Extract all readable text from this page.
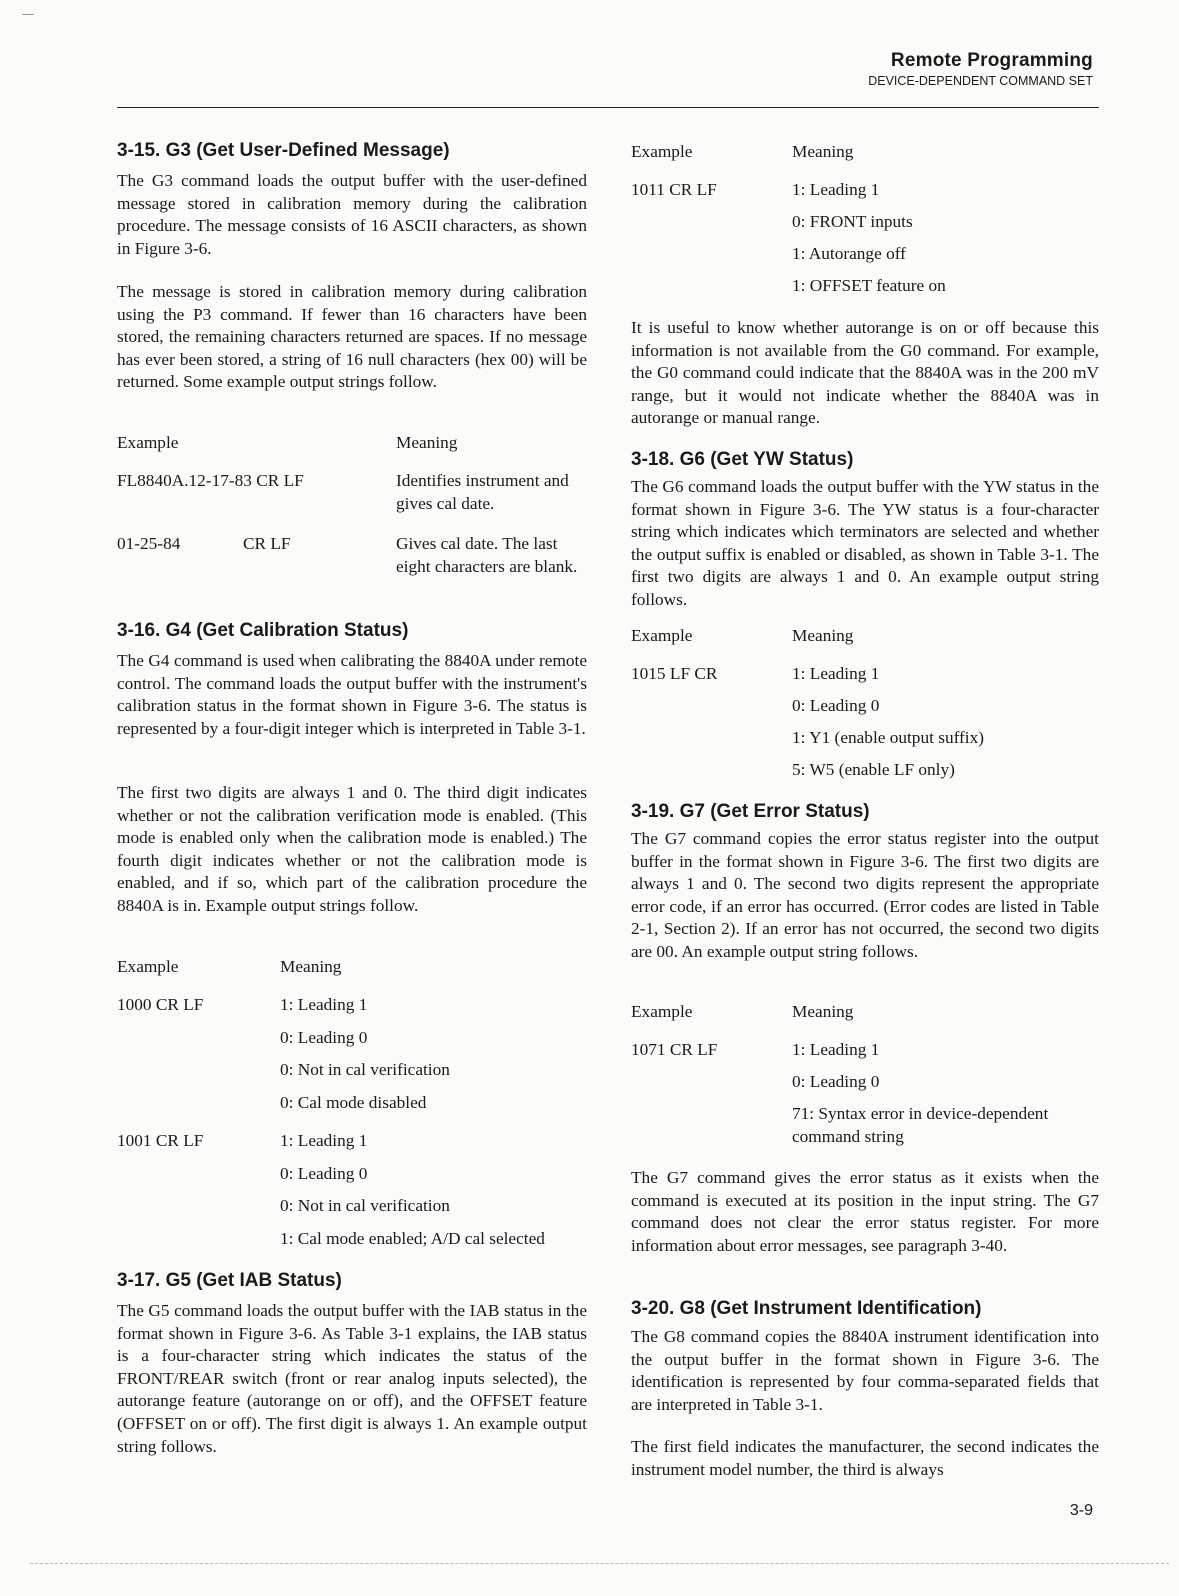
Remote Programming
DEVICE-DEPENDENT COMMAND SET
3-15. G3 (Get User-Defined Message)

The G3 command loads the output buffer with the user-defined message stored in calibration memory during the calibration procedure. The message consists of 16 ASCII characters, as shown in Figure 3-6.

The message is stored in calibration memory during calibration using the P3 command. If fewer than 16 characters have been stored, the remaining characters returned are spaces. If no message has ever been stored, a string of 16 null characters (hex 00) will be returned. Some example output strings follow.

Example	Meaning
FL8840A.12-17-83 CR LF	Identifies instrument and gives cal date.
01-25-84	CR LF	Gives cal date. The last eight characters are blank.
3-16. G4 (Get Calibration Status)

The G4 command is used when calibrating the 8840A under remote control. The command loads the output buffer with the instrument's calibration status in the format shown in Figure 3-6. The status is represented by a four-digit integer which is interpreted in Table 3-1.

The first two digits are always 1 and 0. The third digit indicates whether or not the calibration verification mode is enabled. (This mode is enabled only when the calibration mode is enabled.) The fourth digit indicates whether or not the calibration mode is enabled, and if so, which part of the calibration procedure the 8840A is in. Example output strings follow.

Example	Meaning
1000 CR LF	1: Leading 1
0: Leading 0
0: Not in cal verification
0: Cal mode disabled
1001 CR LF	1: Leading 1
0: Leading 0
0: Not in cal verification
1: Cal mode enabled; A/D cal selected
3-17. G5 (Get IAB Status)

The G5 command loads the output buffer with the IAB status in the format shown in Figure 3-6. As Table 3-1 explains, the IAB status is a four-character string which indicates the status of the FRONT/REAR switch (front or rear analog inputs selected), the autorange feature (autorange on or off), and the OFFSET feature (OFFSET on or off). The first digit is always 1. An example output string follows.

Example	Meaning
1011 CR LF	1: Leading 1
0: FRONT inputs
1: Autorange off
1: OFFSET feature on

It is useful to know whether autorange is on or off because this information is not available from the G0 command. For example, the G0 command could indicate that the 8840A was in the 200 mV range, but it would not indicate whether the 8840A was in autorange or manual range.

3-18. G6 (Get YW Status)

The G6 command loads the output buffer with the YW status in the format shown in Figure 3-6. The YW status is a four-character string which indicates which terminators are selected and whether the output suffix is enabled or disabled, as shown in Table 3-1. The first two digits are always 1 and 0. An example output string follows.

Example	Meaning
1015 LF CR	1: Leading 1
0: Leading 0
1: Y1 (enable output suffix)
5: W5 (enable LF only)
3-19. G7 (Get Error Status)

The G7 command copies the error status register into the output buffer in the format shown in Figure 3-6. The first two digits are always 1 and 0. The second two digits represent the appropriate error code, if an error has occurred. (Error codes are listed in Table 2-1, Section 2). If an error has not occurred, the second two digits are 00. An example output string follows.

Example	Meaning
1071 CR LF	1: Leading 1
0: Leading 0
71: Syntax error in device-dependent command string

The G7 command gives the error status as it exists when the command is executed at its position in the input string. The G7 command does not clear the error status register. For more information about error messages, see paragraph 3-40.

3-20. G8 (Get Instrument Identification)

The G8 command copies the 8840A instrument identification into the output buffer in the format shown in Figure 3-6. The identification is represented by four comma-separated fields that are interpreted in Table 3-1.

The first field indicates the manufacturer, the second indicates the instrument model number, the third is always

3-9
